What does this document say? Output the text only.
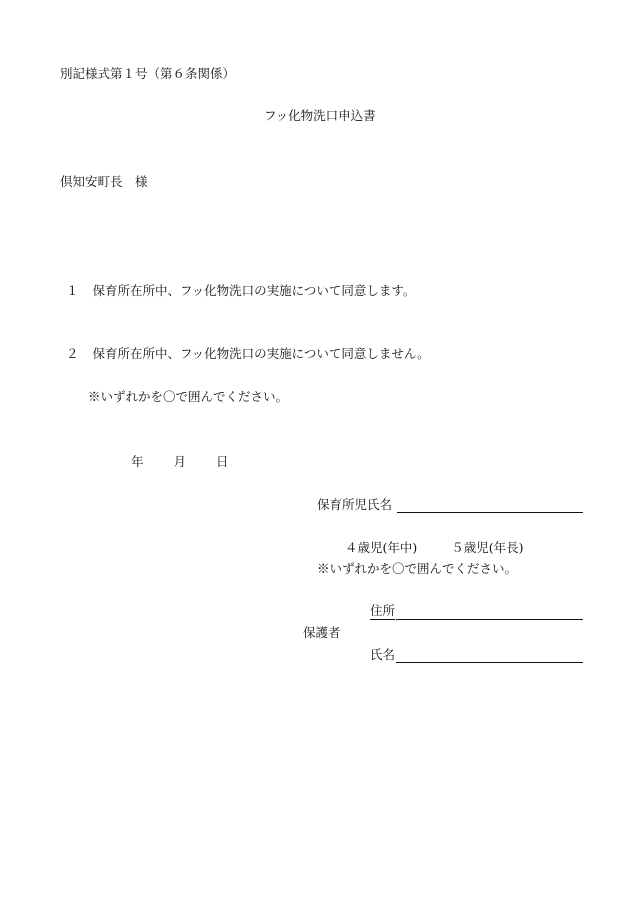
別記様式第１号（第６条関係）
フッ化物洗口申込書
倶知安町長　様
１ 保育所在所中、フッ化物洗口の実施について同意します。
２ 保育所在所中、フッ化物洗口の実施について同意しません。
※いずれかを〇で囲んでください。
年 月 日
保育所児氏名
４歳児(年中)	５歳児(年長)
※いずれかを〇で囲んでください。
住所
保護者
氏名
